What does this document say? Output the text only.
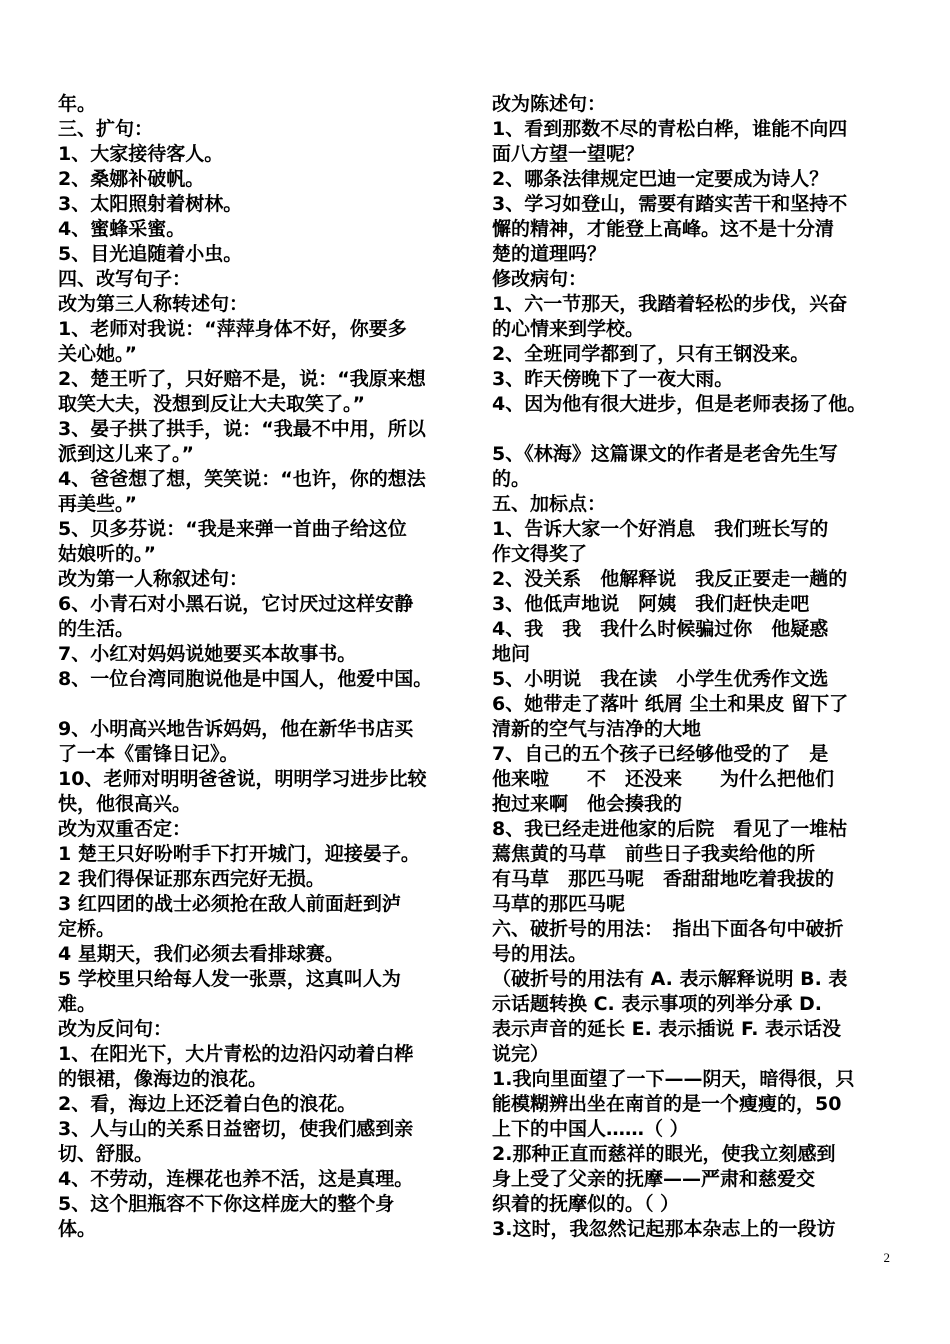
年。
三、扩句：
1、大家接待客人。
2、桑娜补破帆。
3、太阳照射着树林。
4、蜜蜂采蜜。
5、目光追随着小虫。
四、改写句子：
改为第三人称转述句：
1、老师对我说：“萍萍身体不好，你要多
关心她。”
2、楚王听了，只好赔不是，说：“我原来想
取笑大夫，没想到反让大夫取笑了。”
3、晏子拱了拱手，说：“我最不中用，所以
派到这儿来了。”
4、爸爸想了想，笑笑说：“也许，你的想法
再美些。”
5、贝多芬说：“我是来弹一首曲子给这位
姑娘听的。”
改为第一人称叙述句：
6、小青石对小黑石说，它讨厌过这样安静
的生活。
7、小红对妈妈说她要买本故事书。
8、一位台湾同胞说他是中国人，他爱中国。
9、小明高兴地告诉妈妈，他在新华书店买
了一本《雷锋日记》。
10、老师对明明爸爸说，明明学习进步比较
快，他很高兴。
改为双重否定：
1 楚王只好吩咐手下打开城门，迎接晏子。
2 我们得保证那东西完好无损。
3 红四团的战士必须抢在敌人前面赶到泸
定桥。
4 星期天，我们必须去看排球赛。
5 学校里只给每人发一张票，这真叫人为
难。
改为反问句：
1、在阳光下，大片青松的边沿闪动着白桦
的银裙，像海边的浪花。
2、看，海边上还泛着白色的浪花。
3、人与山的关系日益密切，使我们感到亲
切、舒服。
4、不劳动，连棵花也养不活，这是真理。
5、这个胆瓶容不下你这样庞大的整个身
体。
改为陈述句：
1、看到那数不尽的青松白桦，谁能不向四
面八方望一望呢？
2、哪条法律规定巴迪一定要成为诗人？
3、学习如登山，需要有踏实苦干和坚持不
懈的精神，才能登上高峰。这不是十分清
楚的道理吗？
修改病句：
1、六一节那天，我踏着轻松的步伐，兴奋
的心情来到学校。
2、全班同学都到了，只有王钢没来。
3、昨天傍晚下了一夜大雨。
4、因为他有很大进步，但是老师表扬了他。
5、《林海》这篇课文的作者是老舍先生写
的。
五、加标点：
1、告诉大家一个好消息　我们班长写的
作文得奖了
2、没关系　他解释说　我反正要走一趟的
3、他低声地说　阿姨　我们赶快走吧
4、我　我　我什么时候骗过你　他疑惑
地问
5、小明说　我在读　小学生优秀作文选
6、她带走了落叶 纸屑 尘土和果皮 留下了
清新的空气与洁净的大地
7、自己的五个孩子已经够他受的了　是
他来啦　　不　还没来　　为什么把他们
抱过来啊　他会揍我的
8、我已经走进他家的后院　看见了一堆枯
蔫焦黄的马草　前些日子我卖给他的所
有马草　那匹马呢　香甜甜地吃着我拔的
马草的那匹马呢
六、破折号的用法：　指出下面各句中破折
号的用法。
（破折号的用法有 A. 表示解释说明 B. 表
示话题转换 C. 表示事项的列举分承 D.
表示声音的延长 E. 表示插说 F. 表示话没
说完）
1.我向里面望了一下——阴天，暗得很，只
能模糊辨出坐在南首的是一个瘦瘦的，50
上下的中国人……（ ）
2.那种正直而慈祥的眼光，使我立刻感到
身上受了父亲的抚摩——严肃和慈爱交
织着的抚摩似的。（ ）
3.这时，我忽然记起那本杂志上的一段访
2
